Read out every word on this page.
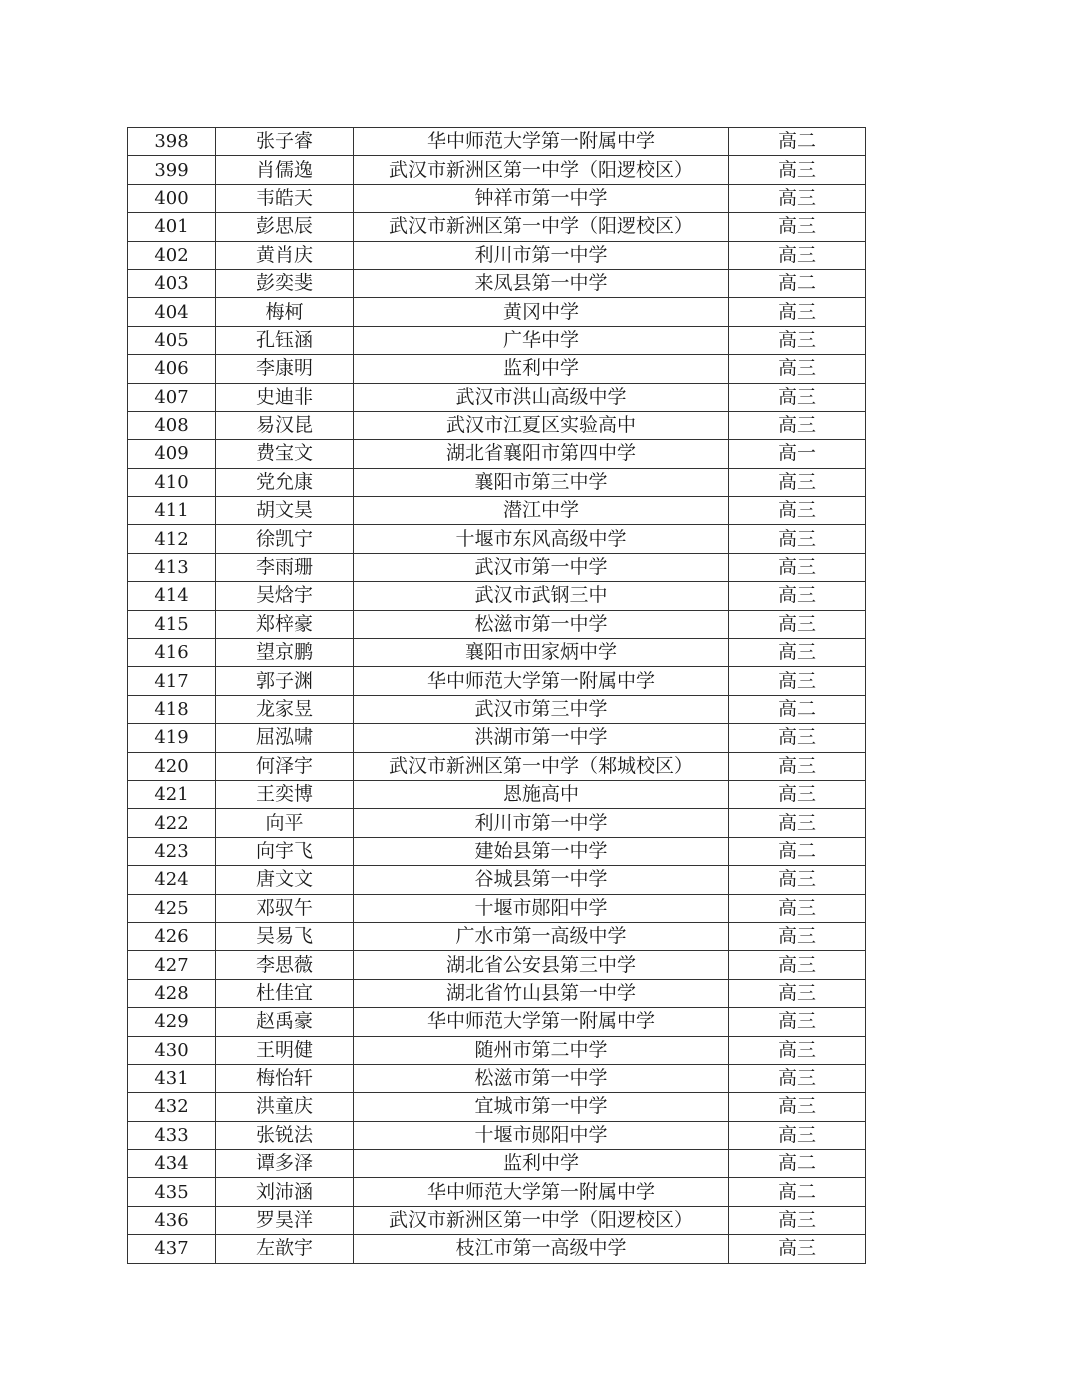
398	张子睿	华中师范大学第一附属中学	高二
399	肖儒逸	武汉市新洲区第一中学（阳逻校区）	高三
400	韦皓天	钟祥市第一中学	高三
401	彭思辰	武汉市新洲区第一中学（阳逻校区）	高三
402	黄肖庆	利川市第一中学	高三
403	彭奕斐	来凤县第一中学	高二
404	梅柯	黄冈中学	高三
405	孔钰涵	广华中学	高三
406	李康明	监利中学	高三
407	史迪非	武汉市洪山高级中学	高三
408	易汉昆	武汉市江夏区实验高中	高三
409	费宝文	湖北省襄阳市第四中学	高一
410	党允康	襄阳市第三中学	高三
411	胡文昊	潜江中学	高三
412	徐凯宁	十堰市东风高级中学	高三
413	李雨珊	武汉市第一中学	高三
414	吴焓宇	武汉市武钢三中	高三
415	郑梓豪	松滋市第一中学	高三
416	望京鹏	襄阳市田家炳中学	高三
417	郭子渊	华中师范大学第一附属中学	高三
418	龙家昱	武汉市第三中学	高二
419	屈泓啸	洪湖市第一中学	高三
420	何泽宇	武汉市新洲区第一中学（邾城校区）	高三
421	王奕博	恩施高中	高三
422	向平	利川市第一中学	高三
423	向宇飞	建始县第一中学	高二
424	唐文文	谷城县第一中学	高三
425	邓驭午	十堰市郧阳中学	高三
426	吴易飞	广水市第一高级中学	高三
427	李思薇	湖北省公安县第三中学	高三
428	杜佳宜	湖北省竹山县第一中学	高三
429	赵禹豪	华中师范大学第一附属中学	高三
430	王明健	随州市第二中学	高三
431	梅怡轩	松滋市第一中学	高三
432	洪童庆	宜城市第一中学	高三
433	张锐法	十堰市郧阳中学	高三
434	谭多泽	监利中学	高二
435	刘沛涵	华中师范大学第一附属中学	高二
436	罗昊洋	武汉市新洲区第一中学（阳逻校区）	高三
437	左歆宇	枝江市第一高级中学	高三
